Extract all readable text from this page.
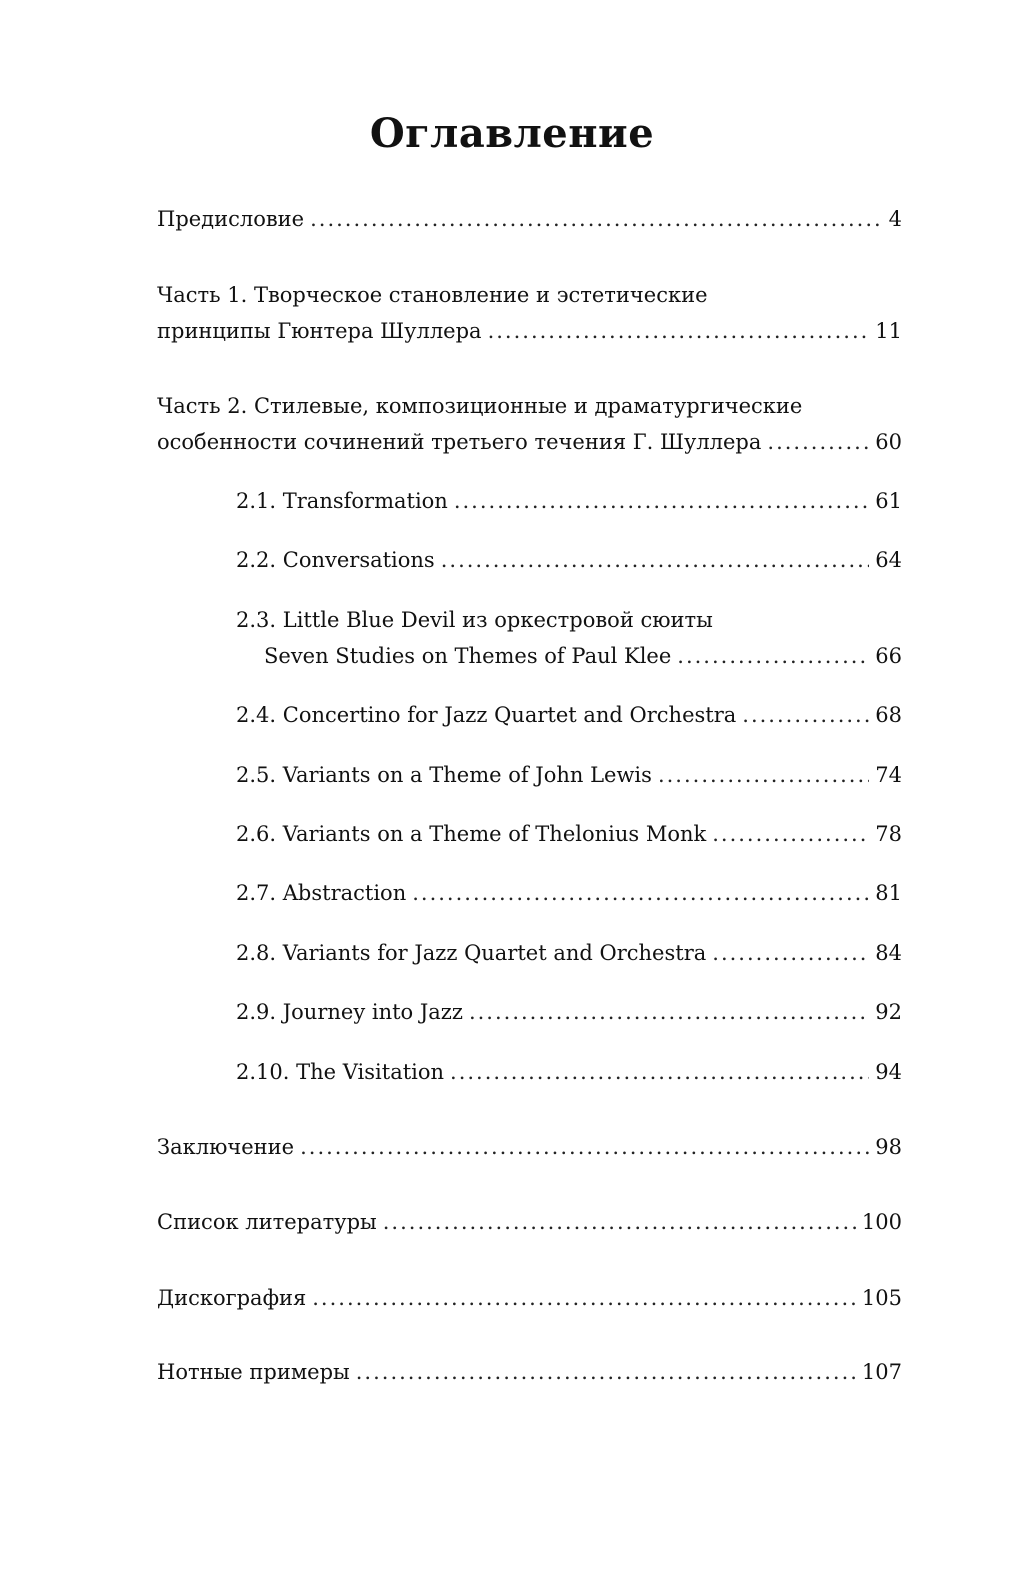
Оглавление
Предисловие .....	4
Часть 1. Творческое становление и эстетические
принципы Гюнтера Шуллера .....	11
Часть 2. Стилевые, композиционные и драматургические
особенности сочинений третьего течения Г. Шуллера .....	60
2.1. Transformation .....	61
2.2. Conversations .....	64
2.3. Little Blue Devil из оркестровой сюиты
Seven Studies on Themes of Paul Klee .....	66
2.4. Concertino for Jazz Quartet and Orchestra .....	68
2.5. Variants on a Theme of John Lewis .....	74
2.6. Variants on a Theme of Thelonius Monk .....	78
2.7. Abstraction .....	81
2.8. Variants for Jazz Quartet and Orchestra .....	84
2.9. Journey into Jazz .....	92
2.10. The Visitation .....	94
Заключение .....	98
Список литературы .....	100
Дискография .....	105
Нотные примеры .....	107
